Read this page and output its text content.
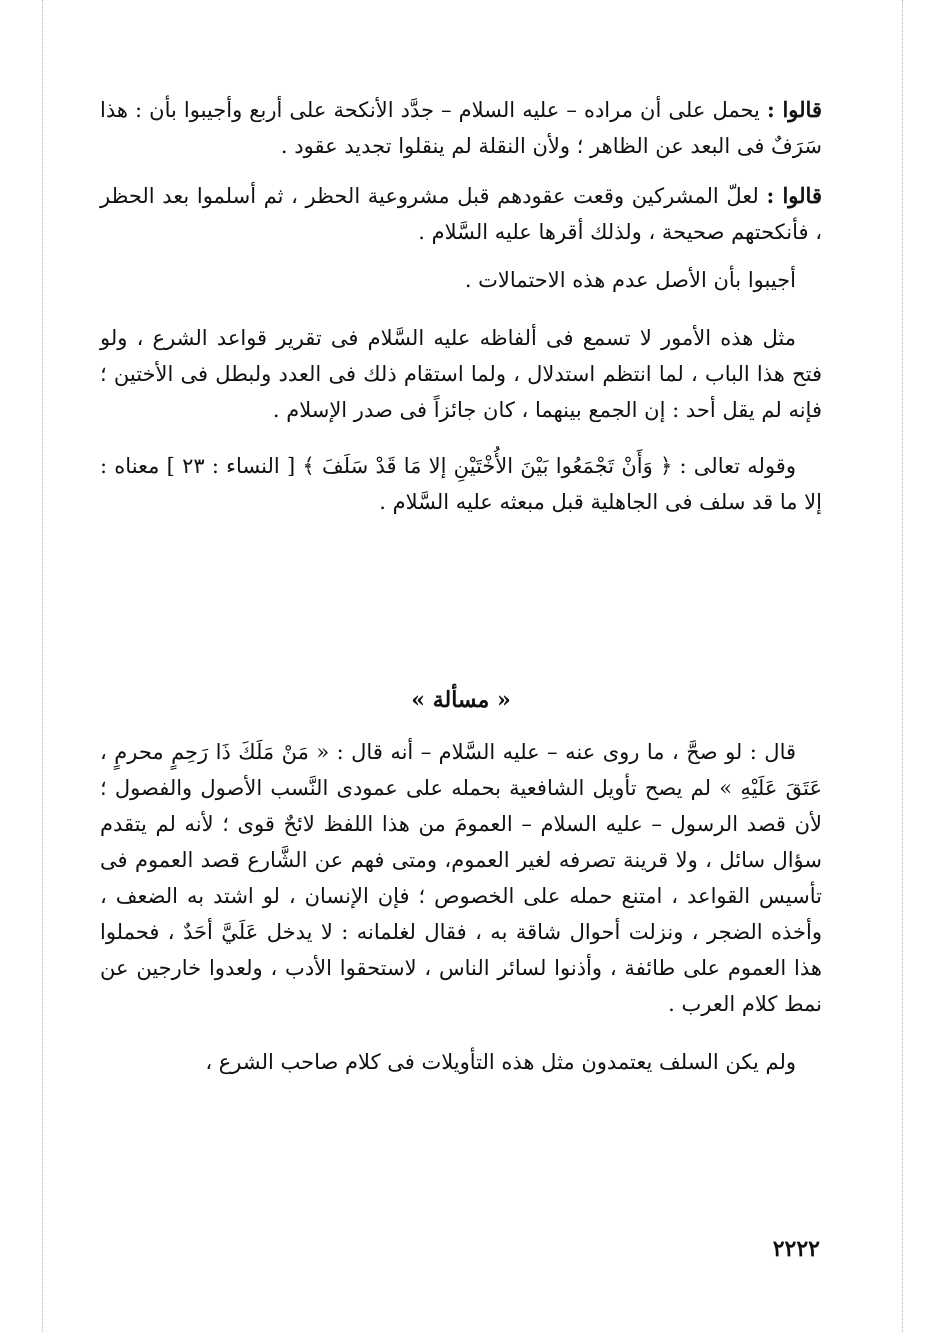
قالوا : يحمل على أن مراده – عليه السلام – جدَّد الأنكحة على أربع وأجيبوا بأن : هذا سَرَفٌ فى البعد عن الظاهر ؛ ولأن النقلة لم ينقلوا تجديد عقود .

قالوا : لعلّ المشركين وقعت عقودهم قبل مشروعية الحظر ، ثم أسلموا بعد الحظر ، فأنكحتهم صحيحة ، ولذلك أقرها عليه السَّلام .

أجيبوا بأن الأصل عدم هذه الاحتمالات .

مثل هذه الأمور لا تسمع فى ألفاظه عليه السَّلام فى تقرير قواعد الشرع ، ولو فتح هذا الباب ، لما انتظم استدلال ، ولما استقام ذلك فى العدد ولبطل فى الأختين ؛ فإنه لم يقل أحد : إن الجمع بينهما ، كان جائزاً فى صدر الإسلام .

وقوله تعالى : ﴿ وَأَنْ تَجْمَعُوا بَيْنَ الأُخْتَيْنِ إلا مَا قَدْ سَلَفَ ﴾ [ النساء : ٢٣ ] معناه : إلا ما قد سلف فى الجاهلية قبل مبعثه عليه السَّلام .

« مسألة »

قال : لو صحَّ ، ما روى عنه – عليه السَّلام – أنه قال : « مَنْ مَلَكَ ذَا رَحِمٍ محرمٍ ، عَتَقَ عَلَيْهِ » لم يصح تأويل الشافعية بحمله على عمودى النَّسب الأصول والفصول ؛ لأن قصد الرسول – عليه السلام – العمومَ من هذا اللفظ لائحٌ قوى ؛ لأنه لم يتقدم سؤال سائل ، ولا قرينة تصرفه لغير العموم، ومتى فهم عن الشَّارع قصد العموم فى تأسيس القواعد ، امتنع حمله على الخصوص ؛ فإن الإنسان ، لو اشتد به الضعف ، وأخذه الضجر ، ونزلت أحوال شاقة به ، فقال لغلمانه : لا يدخل عَلَيَّ أحَدٌ ، فحملوا هذا العموم على طائفة ، وأذنوا لسائر الناس ، لاستحقوا الأدب ، ولعدوا خارجين عن نمط كلام العرب .

ولم يكن السلف يعتمدون مثل هذه التأويلات فى كلام صاحب الشرع ،

٢٢٢٢
